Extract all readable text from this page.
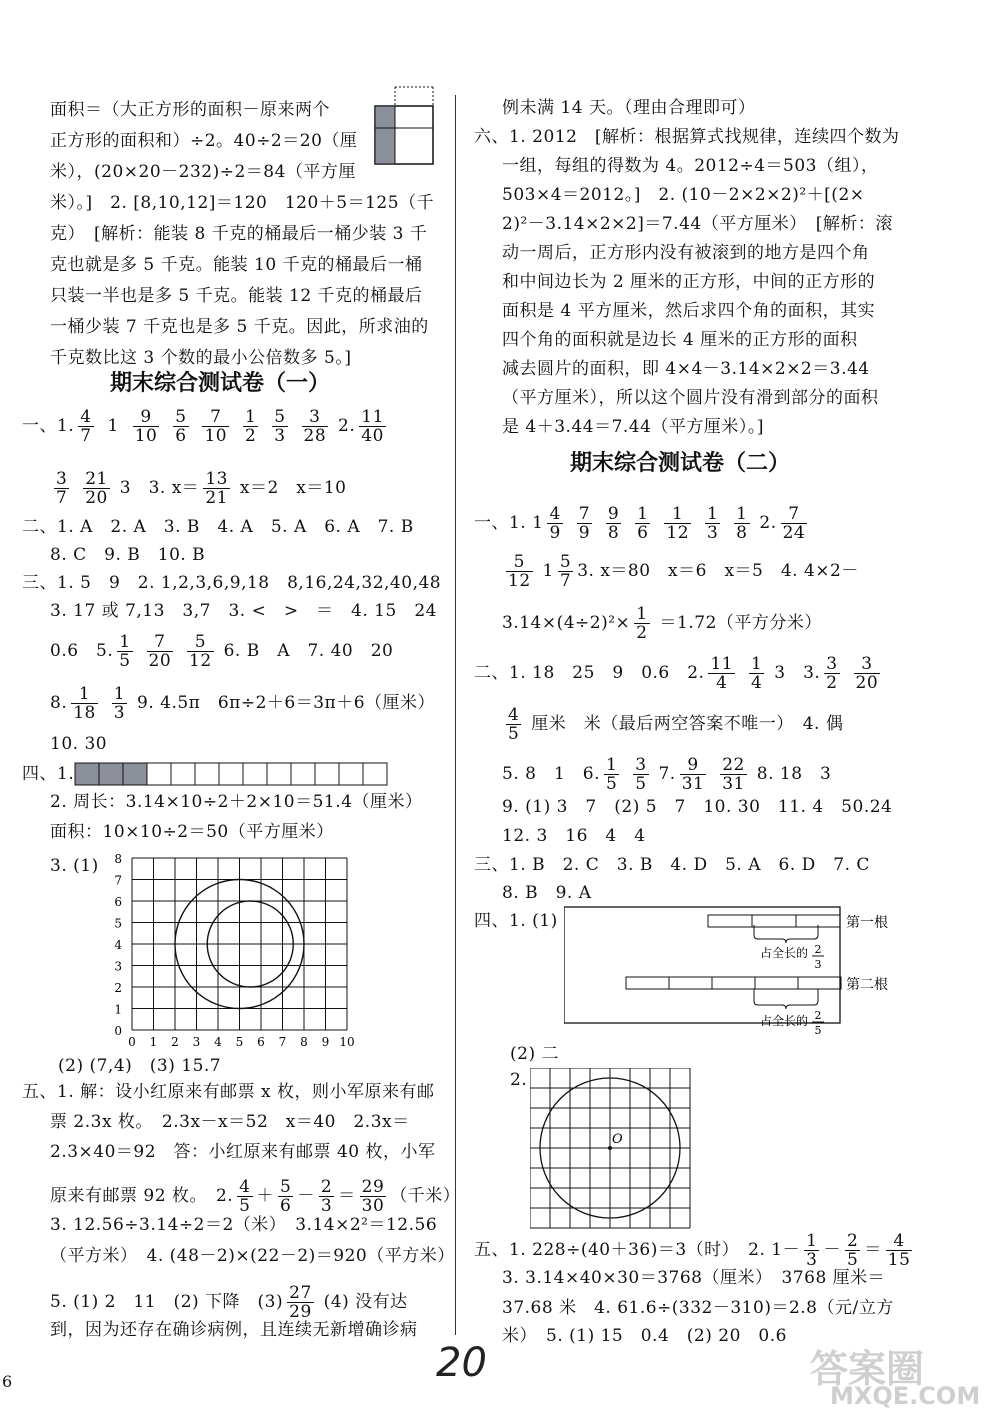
面积＝（大正方形的面积－原来两个
正方形的面积和）÷2。40÷2＝20（厘
米），(20×20－232)÷2＝84（平方厘
米）。]　2. [8,10,12]＝120　120＋5＝125（千
克）　[解析：能装 8 千克的桶最后一桶少装 3 千
克也就是多 5 千克。能装 10 千克的桶最后一桶
只装一半也是多 5 千克。能装 12 千克的桶最后
一桶少装 7 千克也是多 5 千克。因此，所求油的
千克数比这 3 个数的最小公倍数多 5。]
期末综合测试卷（一）
一、1. $\frac{4}{7} 1 \frac{9}{10}$
$\frac{5}{6}$
$\frac{7}{10}$
$\frac{1}{2}$
$\frac{5}{3}$
$\frac{3}{28} 2$. $\frac{11}{40}$
$\frac{3}{7}$
$\frac{21}{20} 3$　3. $x= \frac{13}{21} x=2$　x＝10
二、1. A　2. A　3. B　4. A　5. A　6. A　7. B
8. C　9. B　10. B
三、1. 5　9　2. 1,2,3,6,9,18　8,16,24,32,40,48
3. 17 或 7,13　3,7　3. <　>　＝　4. 15　24
0.6　5. $\frac{1}{5}$
$\frac{7}{20}$
$\frac{5}{12} 6$. B　A　7. 40　20
8. $\frac{1}{18}$
$\frac{1}{3} 9$. 4.5π　6π÷2＋6＝3π＋6（厘米）
10. 30
四、1.
2. 周长：3.14×10÷2＋2×10＝51.4（厘米）
面积：10×10÷2＝50（平方厘米）
3. (1)
0
1
2
3
4
5
6
7
8
0 1 2 3 4 5 6 7 8 9 10
(2) (7,4)　(3) 15.7
五、1. 解：设小红原来有邮票 x 枚，则小军原来有邮
票 2.3x 枚。　2.3x－x＝52　x＝40　2.3x＝
2.3×40＝92　答：小红原来有邮票 40 枚，小军
原来有邮票 92 枚。　2. $\frac{4}{5} + \frac{5}{6} - \frac{2}{3} = \frac{29}{30}$ （千米）
3. 12.56÷3.14÷2＝2（米）　3.14×2²＝12.56
（平方米）　4. (48－2)×(22－2)＝920（平方米）
5. (1) 2　11　(2) 下降　$(3) \frac{27}{29} (4)$ 没有达
到，因为还存在确诊病例，且连续无新增确诊病
例未满 14 天。（理由合理即可）
六、1. 2012　[解析：根据算式找规律，连续四个数为
一组，每组的得数为 4。2012÷4＝503（组），
503×4＝2012。]　2. (10－2×2×2)²＋[(2×
2)²－3.14×2×2]＝7.44（平方厘米）　[解析：滚
动一周后，正方形内没有被滚到的地方是四个角
和中间边长为 2 厘米的正方形，中间的正方形的
面积是 4 平方厘米，然后求四个角的面积，其实
四个角的面积就是边长 4 厘米的正方形的面积
减去圆片的面积，即 4×4－3.14×2×2＝3.44
（平方厘米），所以这个圆片没有滑到部分的面积
是 4＋3.44＝7.44（平方厘米）。]
期末综合测试卷（二）
一、1. $1 \frac{4}{9}$
$\frac{7}{9}$
$\frac{9}{8}$
$\frac{1}{6}$
$\frac{1}{12}$
$\frac{1}{3}$
$\frac{1}{8} 2$. $\frac{7}{24}$
$\frac{5}{12} 1 \frac{5}{7} 3$. x＝80　x＝6　x＝5　4. 4×2－
$3.14\times(4\div 2)^2\times \frac{1}{2} =1.72$（平方分米）
二、1. 18　25　9　0.6　2. $\frac{11}{4}$
$\frac{1}{4} 3$　3. $\frac{3}{2}$
$\frac{3}{20}$
$\frac{4}{5}$ 厘米　米（最后两空答案不唯一）　4. 偶
5. 8　1　6. $\frac{1}{5}$
$\frac{3}{5} 7$. $\frac{9}{31}$
$\frac{22}{31} 8$. 18　3
9. (1) 3　7　(2) 5　7　10. 30　11. 4　50.24
12. 3　16　4　4
三、1. B　2. C　3. B　4. D　5. A　6. D　7. C
8. B　9. A
四、1. (1)	第一根
第二根
占全长的 2
3
占全长的 2
5
(2) 二
2.
O
五、1. 228÷(40＋36)＝3（时）　2. $1- \frac{1}{3} - \frac{2}{5} = \frac{4}{15}$
3. 3.14×40×30＝3768（厘米）　3768 厘米＝
37.68 米　4. 61.6÷(332－310)＝2.8（元/立方
米）　5. (1) 15　0.4　(2) 20　0.6
20
6	答案圈
MXQE.COM
